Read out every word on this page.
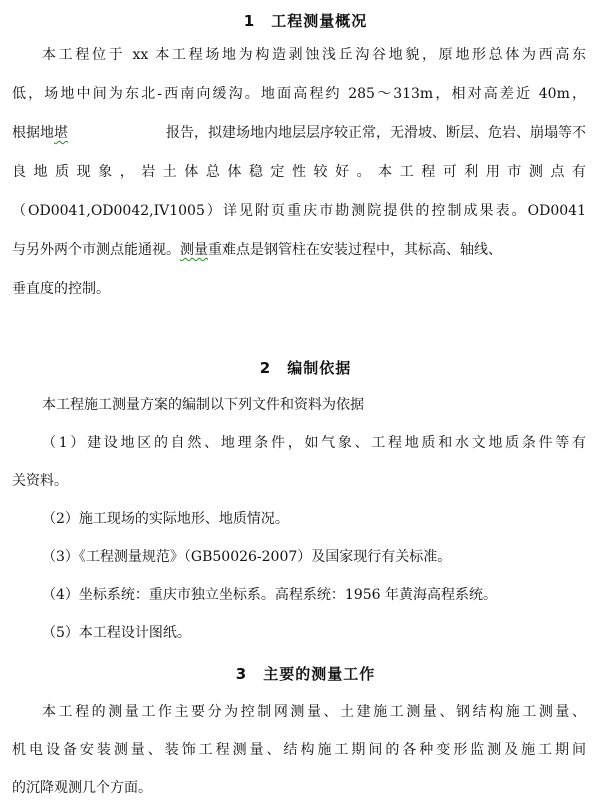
1　工程测量概况
本工程位于 xx 本工程场地为构造剥蚀浅丘沟谷地貌，原地形总体为西高东
低，场地中间为东北-西南向缓沟。地面高程约 285～313m，相对高差近 40m，
根据地堪	报告，拟建场地内地层层序较正常，无滑坡、断层、危岩、崩塌等不
良地质现象，岩土体总体稳定性较好。本工程可利用市测点有
（OD0041,OD0042,IV1005）详见附页重庆市勘测院提供的控制成果表。OD0041
与另外两个市测点能通视。测量重难点是钢管柱在安装过程中，其标高、轴线、
垂直度的控制。
2　编制依据
本工程施工测量方案的编制以下列文件和资料为依据
（1）建设地区的自然、地理条件，如气象、工程地质和水文地质条件等有
关资料。
（2）施工现场的实际地形、地质情况。
（3）《工程测量规范》（GB50026-2007）及国家现行有关标准。
（4）坐标系统：重庆市独立坐标系。高程系统：1956 年黄海高程系统。
（5）本工程设计图纸。
3　主要的测量工作
本工程的测量工作主要分为控制网测量、土建施工测量、钢结构施工测量、
机电设备安装测量、装饰工程测量、结构施工期间的各种变形监测及施工期间
的沉降观测几个方面。
